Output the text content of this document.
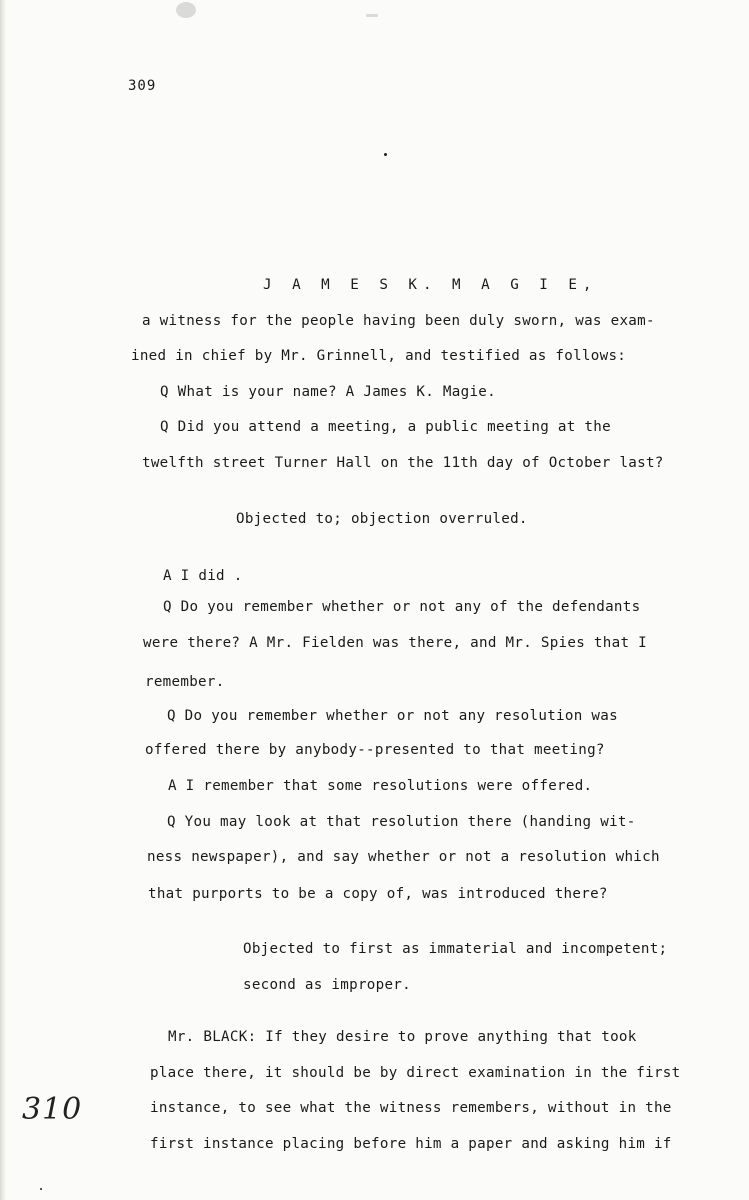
309
J A M E S K. M A G I E,
a witness for the people having been duly sworn, was exam-
ined in chief by Mr. Grinnell, and testified as follows:
Q What is your name? A James K. Magie.
Q Did you attend a meeting, a public meeting at the
twelfth street Turner Hall on the 11th day of October last?
Objected to; objection overruled.
A I did .
Q Do you remember whether or not any of the defendants
were there? A Mr. Fielden was there, and Mr. Spies that I
remember.
Q Do you remember whether or not any resolution was
offered there by anybody--presented to that meeting?
A I remember that some resolutions were offered.
Q You may look at that resolution there (handing wit-
ness newspaper), and say whether or not a resolution which
that purports to be a copy of, was introduced there?
Objected to first as immaterial and incompetent;
second as improper.
Mr. BLACK: If they desire to prove anything that took
place there, it should be by direct examination in the first
instance, to see what the witness remembers, without in the
first instance placing before him a paper and asking him if
310
